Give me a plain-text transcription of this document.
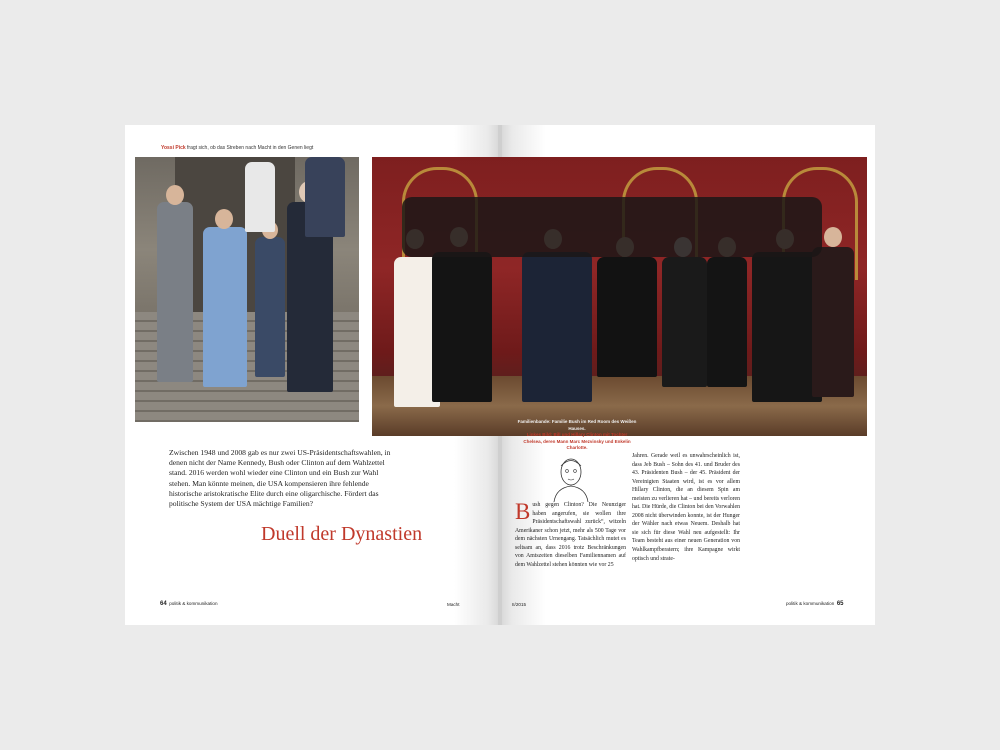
Yossi Pick fragt sich, ob das Streben nach Macht in den Genen liegt
Familienbande: Familie Bush im Red Room des Weißen Hauses.
Linkes Bild: Bill und Hillary Clinton mit Tochter Chelsea, deren Mann Marc Mezvinsky und Enkelin Charlotte.
Zwischen 1948 und 2008 gab es nur zwei US-Präsidentschaftswahlen, in denen nicht der Name Kennedy, Bush oder Clinton auf dem Wahlzettel stand. 2016 werden wohl wieder eine Clinton und ein Bush zur Wahl stehen. Man könnte meinen, die USA kompensieren ihre fehlende historische aristokratische Elite durch eine oligarchische. Fördert das politische System der USA mächtige Familien?
Duell der Dynastien
B ush gegen Clinton? Die Neunziger haben angerufen, sie wollen ihre Präsidentschaftswahl zurück“, witzeln Amerikaner schon jetzt, mehr als 500 Tage vor dem nächsten Urnengang. Tatsächlich mutet es seltsam an, dass 2016 trotz Beschränkungen von Amtszeiten dieselben Familiennamen auf dem Wahlzettel stehen könnten wie vor 25
Jahren. Gerade weil es unwahrscheinlich ist, dass Jeb Bush – Sohn des 41. und Bruder des 43. Präsidenten Bush – der 45. Präsident der Vereinigten Staaten wird, ist es vor allem Hillary Clinton, die an diesem Spin am meisten zu verlieren hat – und bereits verloren hat. Die Hürde, die Clinton bei den Vorwahlen 2008 nicht überwinden konnte, ist der Hunger der Wähler nach etwas Neuem. Deshalb hat sie sich für diese Wahl neu aufgestellt: Ihr Team besteht aus einer neuen Generation von Wahlkampfberatern; ihre Kampagne wirkt optisch und strate-
64 politik & kommunikation	Macht	II/2015	politik & kommunikation 65
